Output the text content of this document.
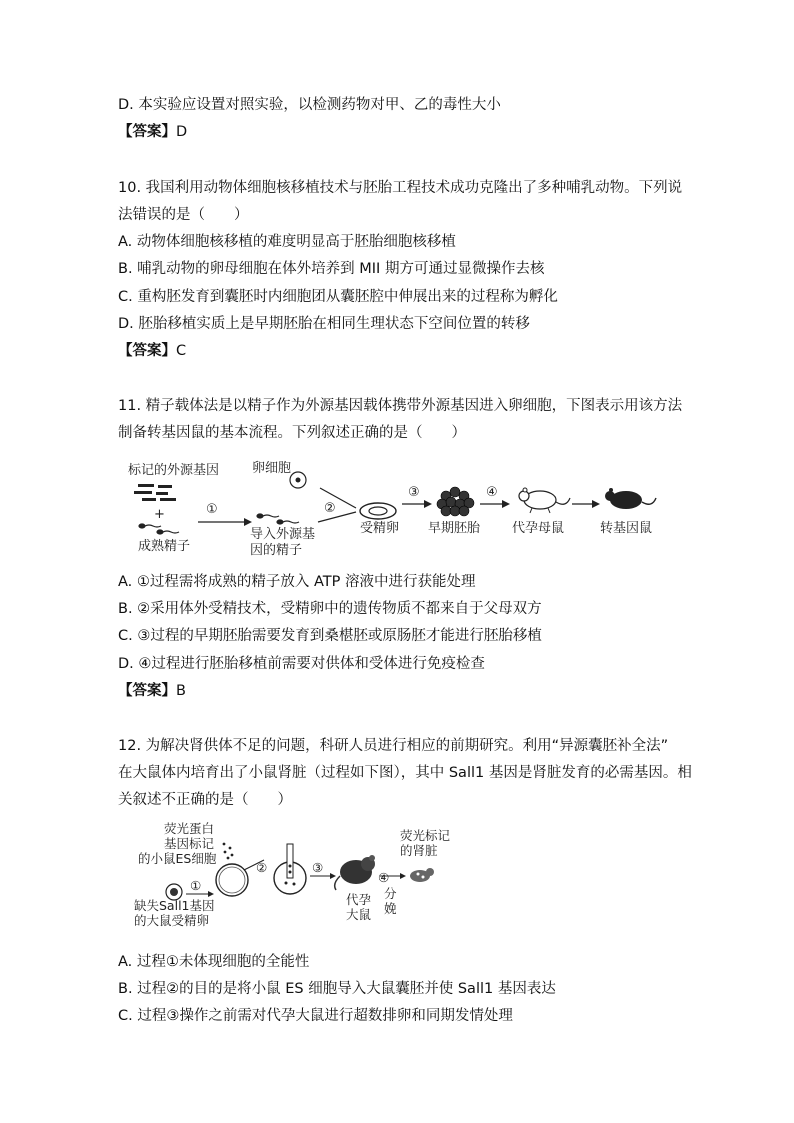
D. 本实验应设置对照实验，以检测药物对甲、乙的毒性大小
【答案】D
10. 我国利用动物体细胞核移植技术与胚胎工程技术成功克隆出了多种哺乳动物。下列说
法错误的是（　　）
A. 动物体细胞核移植的难度明显高于胚胎细胞核移植
B. 哺乳动物的卵母细胞在体外培养到 MII 期方可通过显微操作去核
C. 重构胚发育到囊胚时内细胞团从囊胚腔中伸展出来的过程称为孵化
D. 胚胎移植实质上是早期胚胎在相同生理状态下空间位置的转移
【答案】C
11. 精子载体法是以精子作为外源基因载体携带外源基因进入卵细胞，下图表示用该方法
制备转基因鼠的基本流程。下列叙述正确的是（　　）
标记的外源基因
+
成熟精子
①
导入外源基
因的精子
卵细胞
②
受精卵
③
早期胚胎
④
代孕母鼠	转基因鼠
A. ①过程需将成熟的精子放入 ATP 溶液中进行获能处理
B. ②采用体外受精技术，受精卵中的遗传物质不都来自于父母双方
C. ③过程的早期胚胎需要发育到桑椹胚或原肠胚才能进行胚胎移植
D. ④过程进行胚胎移植前需要对供体和受体进行免疫检查
【答案】B
12. 为解决肾供体不足的问题，科研人员进行相应的前期研究。利用“异源囊胚补全法”
在大鼠体内培育出了小鼠肾脏（过程如下图），其中 Sall1 基因是肾脏发育的必需基因。相
关叙述不正确的是（　　）
荧光蛋白
基因标记
的小鼠ES细胞
①
缺失Sall1基因
的大鼠受精卵
②	③
代孕
大鼠
④
分
娩
荧光标记
的肾脏
A. 过程①未体现细胞的全能性
B. 过程②的目的是将小鼠 ES 细胞导入大鼠囊胚并使 Sall1 基因表达
C. 过程③操作之前需对代孕大鼠进行超数排卵和同期发情处理
